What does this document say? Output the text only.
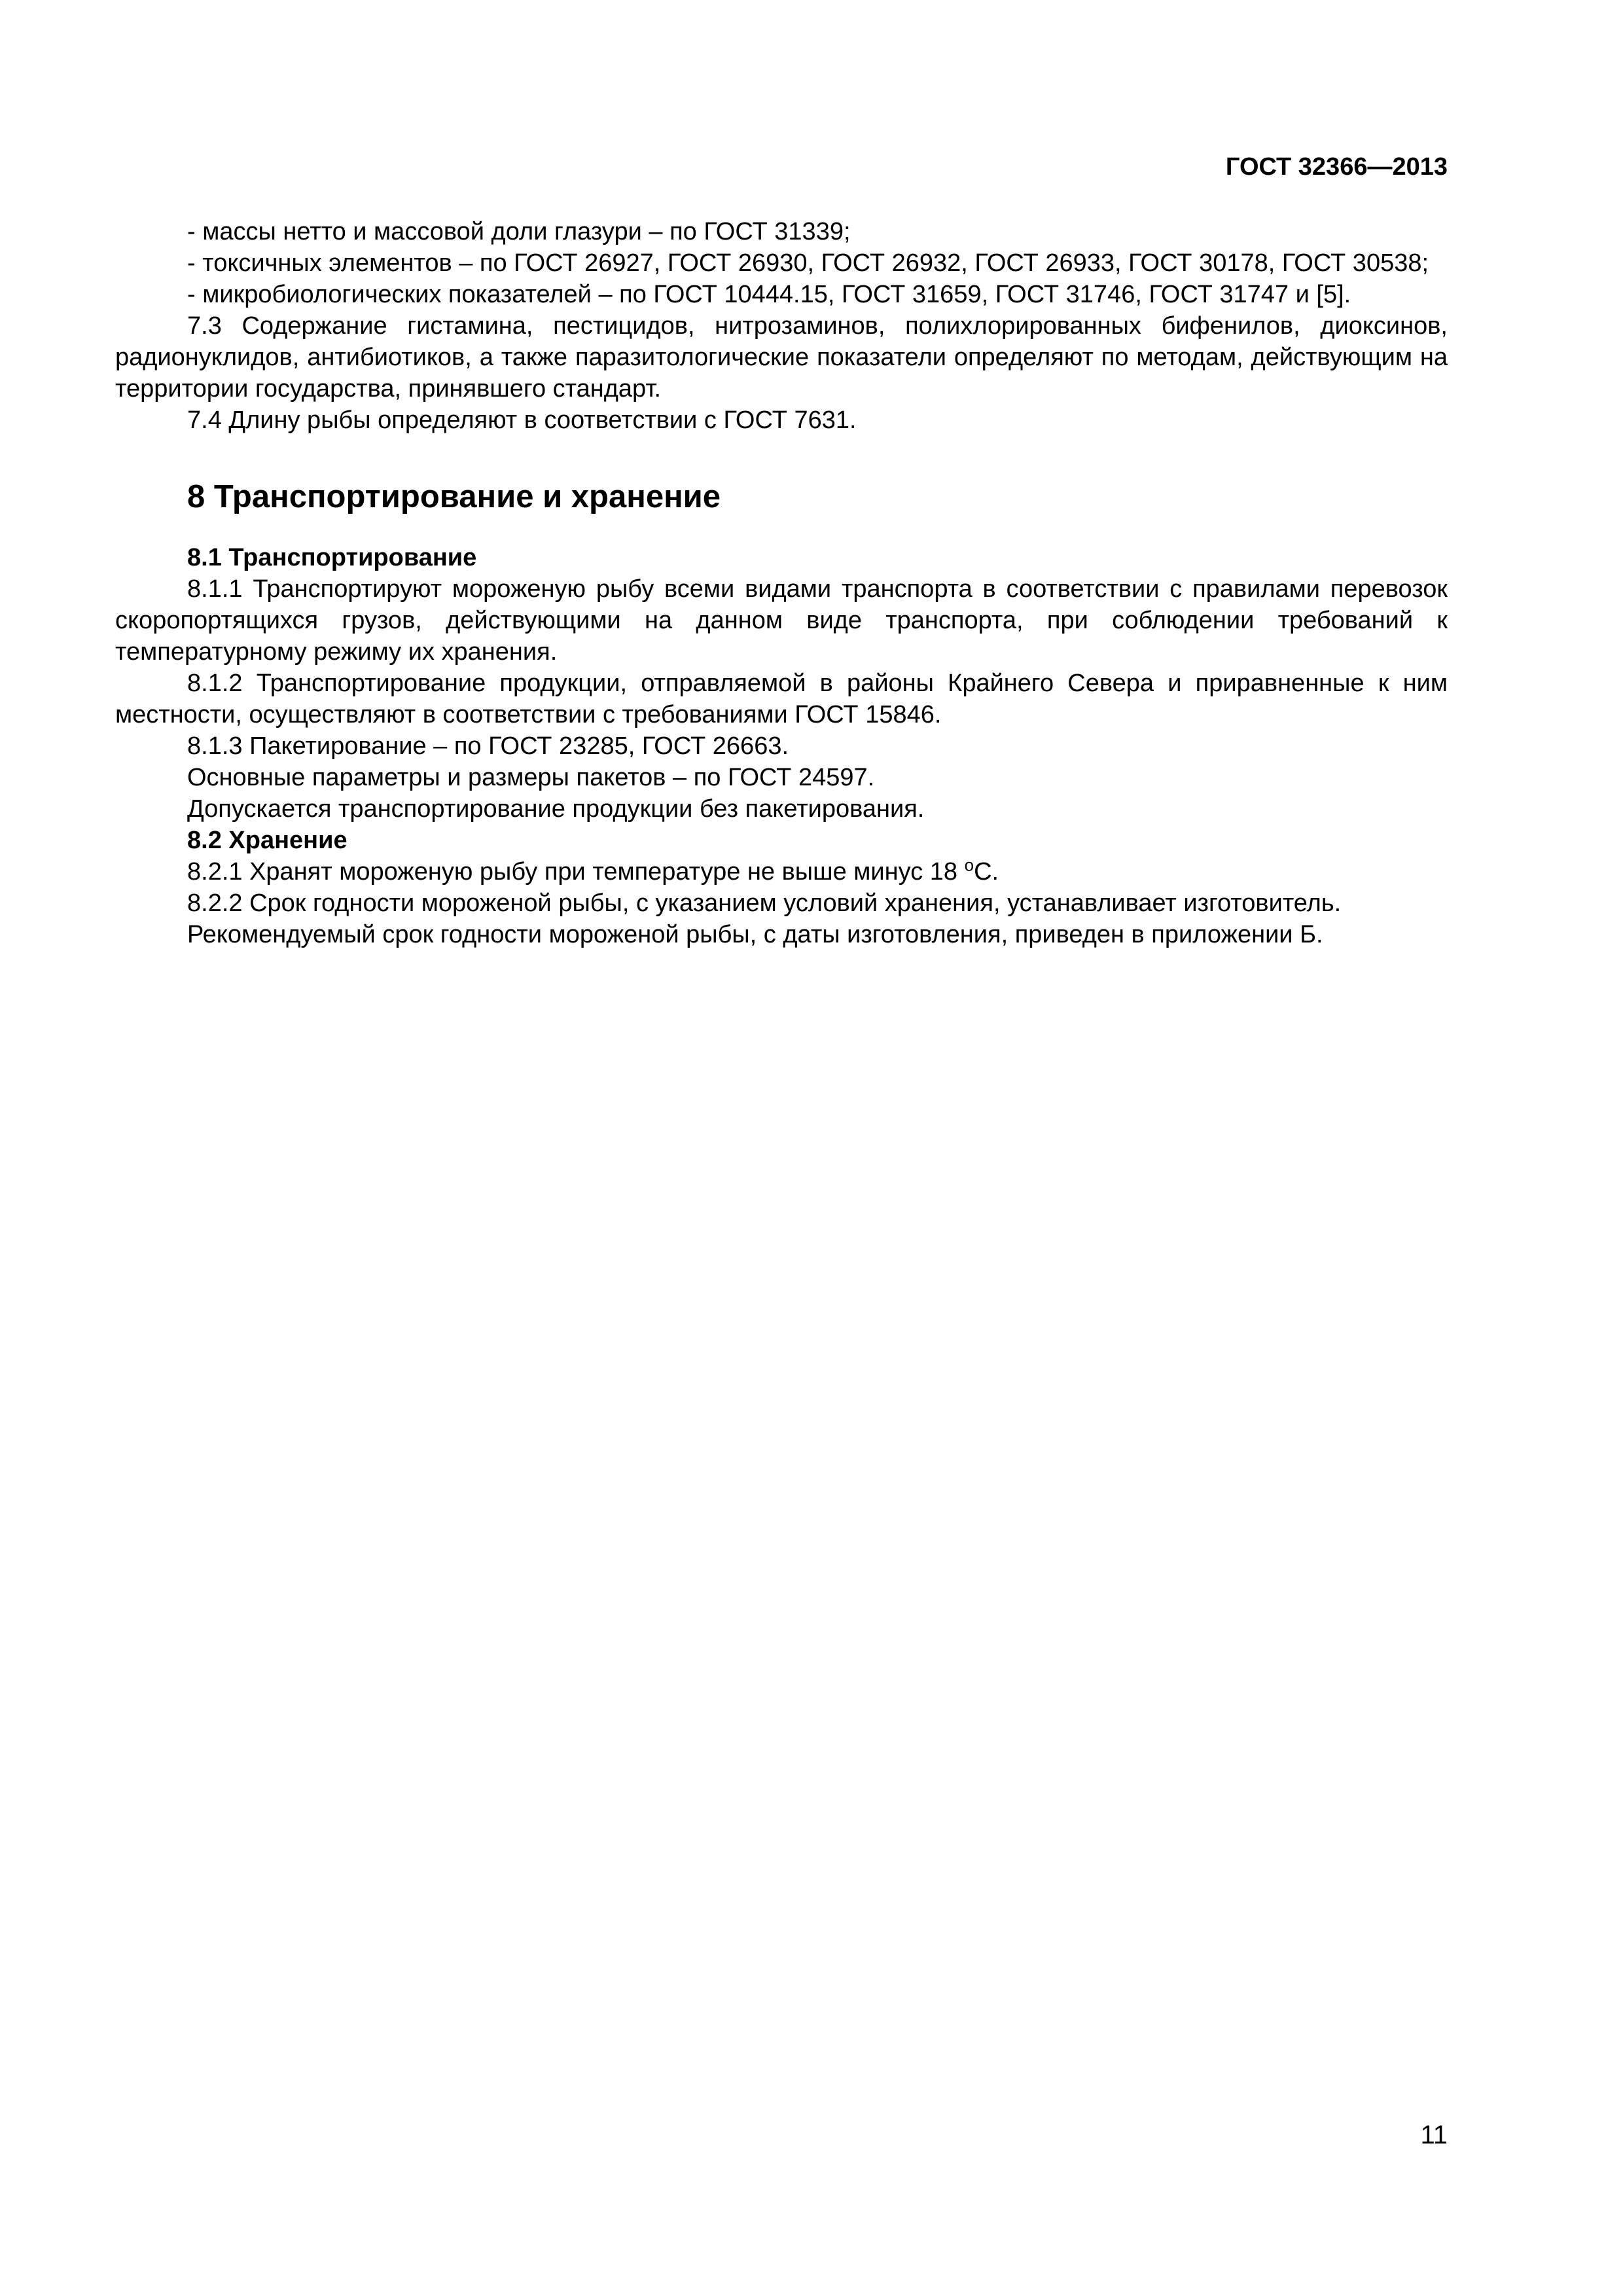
ГОСТ 32366—2013

- массы нетто и массовой доли глазури – по ГОСТ 31339;

- токсичных элементов – по ГОСТ 26927, ГОСТ 26930, ГОСТ 26932, ГОСТ 26933, ГОСТ 30178, ГОСТ 30538;

- микробиологических показателей – по ГОСТ 10444.15, ГОСТ 31659, ГОСТ 31746, ГОСТ 31747 и [5].

7.3 Содержание гистамина, пестицидов, нитрозаминов, полихлорированных бифенилов, диоксинов, радионуклидов, антибиотиков, а также паразитологические показатели определяют по методам, действующим на территории государства, принявшего стандарт.

7.4 Длину рыбы определяют в соответствии с ГОСТ 7631.

8 Транспортирование и хранение

8.1 Транспортирование

8.1.1 Транспортируют мороженую рыбу всеми видами транспорта в соответствии с правилами перевозок скоропортящихся грузов, действующими на данном виде транспорта, при соблюдении требований к температурному режиму их хранения.

8.1.2 Транспортирование продукции, отправляемой в районы Крайнего Севера и приравненные к ним местности, осуществляют в соответствии с требованиями ГОСТ 15846.

8.1.3 Пакетирование – по ГОСТ 23285, ГОСТ 26663.

Основные параметры и размеры пакетов – по ГОСТ 24597.

Допускается транспортирование продукции без пакетирования.

8.2 Хранение

8.2.1 Хранят мороженую рыбу при температуре не выше минус 18 $^о$С.

8.2.2 Срок годности мороженой рыбы, с указанием условий хранения, устанавливает изготовитель.

Рекомендуемый срок годности мороженой рыбы, с даты изготовления, приведен в приложении Б.

11
